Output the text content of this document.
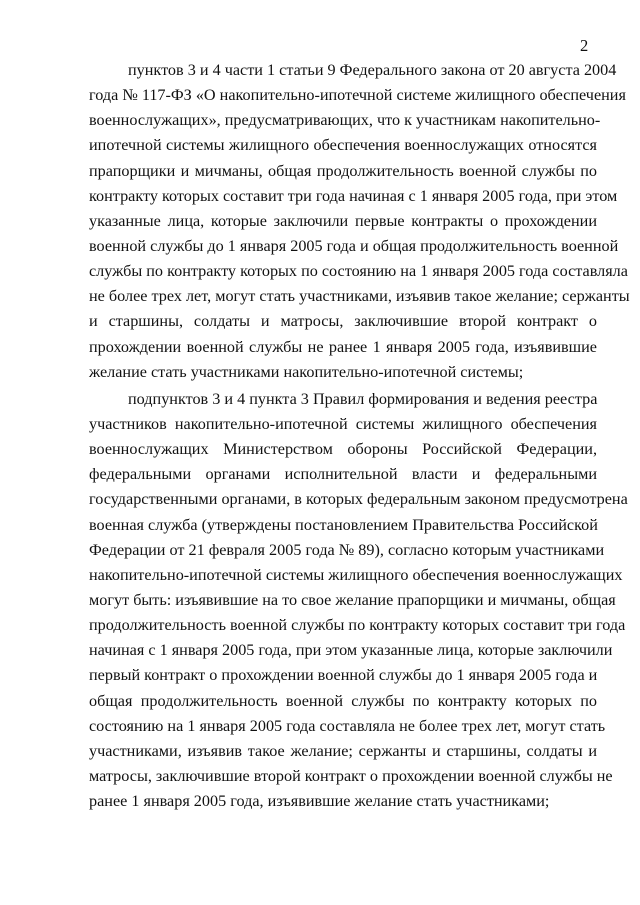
2
пунктов 3 и 4 части 1 статьи 9 Федерального закона от 20 августа 2004
года № 117-ФЗ «О накопительно-ипотечной системе жилищного обеспечения
военнослужащих», предусматривающих, что к участникам накопительно-
ипотечной системы жилищного обеспечения военнослужащих относятся
прапорщики и мичманы, общая продолжительность военной службы по
контракту которых составит три года начиная с 1 января 2005 года, при этом
указанные лица, которые заключили первые контракты о прохождении
военной службы до 1 января 2005 года и общая продолжительность военной
службы по контракту которых по состоянию на 1 января 2005 года составляла
не более трех лет, могут стать участниками, изъявив такое желание; сержанты
и старшины, солдаты и матросы, заключившие второй контракт о
прохождении военной службы не ранее 1 января 2005 года, изъявившие
желание стать участниками накопительно-ипотечной системы;
подпунктов 3 и 4 пункта 3 Правил формирования и ведения реестра
участников накопительно-ипотечной системы жилищного обеспечения
военнослужащих Министерством обороны Российской Федерации,
федеральными органами исполнительной власти и федеральными
государственными органами, в которых федеральным законом предусмотрена
военная служба (утверждены постановлением Правительства Российской
Федерации от 21 февраля 2005 года № 89), согласно которым участниками
накопительно-ипотечной системы жилищного обеспечения военнослужащих
могут быть: изъявившие на то свое желание прапорщики и мичманы, общая
продолжительность военной службы по контракту которых составит три года
начиная с 1 января 2005 года, при этом указанные лица, которые заключили
первый контракт о прохождении военной службы до 1 января 2005 года и
общая продолжительность военной службы по контракту которых по
состоянию на 1 января 2005 года составляла не более трех лет, могут стать
участниками, изъявив такое желание; сержанты и старшины, солдаты и
матросы, заключившие второй контракт о прохождении военной службы не
ранее 1 января 2005 года, изъявившие желание стать участниками;
